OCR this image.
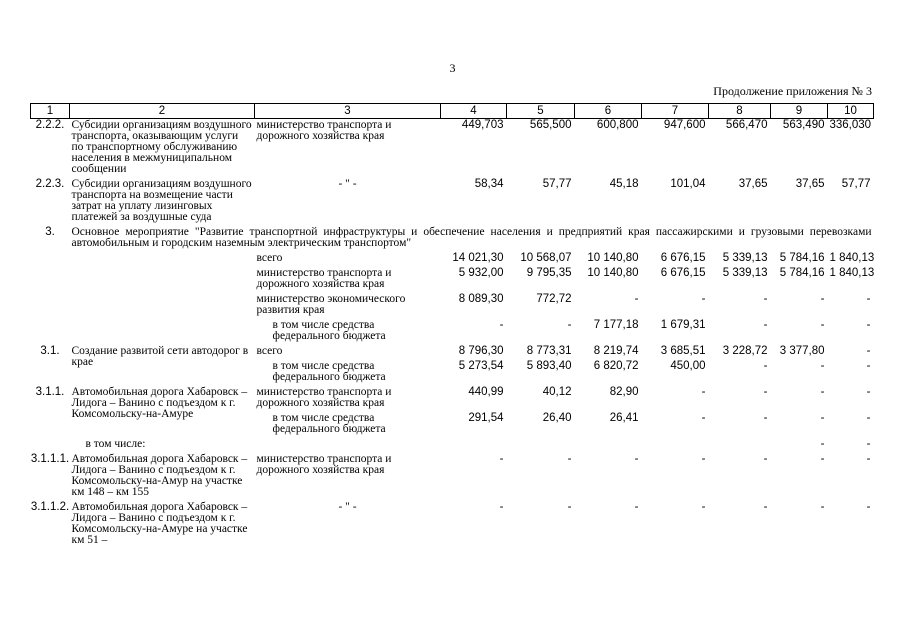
3
Продолжение приложения № 3
1	2	3	4	5	6	7	8	9	10
2.2.2.	Субсидии организациям воздушного транспорта, оказывающим услуги по транспортному обслуживанию населения в межмуниципальном сообщении	министерство транспорта и дорожного хозяйства края	449,703	565,500	600,800	947,600	566,470	563,490	336,030
2.2.3.	Субсидии организациям воздушного транспорта на возмещение части затрат на уплату лизинговых платежей за воздушные суда	- " -	58,34	57,77	45,18	101,04	37,65	37,65	57,77
3.	Основное мероприятие "Развитие транспортной инфраструктуры и обеспечение населения и предприятий края пассажирскими и грузовыми перевозками автомобильным и городским наземным электрическим транспортом"								
		всего	14 021,30	10 568,07	10 140,80	6 676,15	5 339,13	5 784,16	1 840,13
		министерство транспорта и дорожного хозяйства края	5 932,00	9 795,35	10 140,80	6 676,15	5 339,13	5 784,16	1 840,13
		министерство экономического развития края	8 089,30	772,72	-	-	-	-	-
		в том числе средства федерального бюджета	-	-	7 177,18	1 679,31	-	-	-
3.1.	Создание развитой сети автодорог в крае	всего	8 796,30	8 773,31	8 219,74	3 685,51	3 228,72	3 377,80	-
		в том числе средства федерального бюджета	5 273,54	5 893,40	6 820,72	450,00	-	-	-
3.1.1.	Автомобильная дорога Хабаровск – Лидога – Ванино с подъездом к г. Комсомольску-на-Амуре	министерство транспорта и дорожного хозяйства края	440,99	40,12	82,90	-	-	-	-
		в том числе средства федерального бюджета	291,54	26,40	26,41	-	-	-	-
	в том числе:							-	-
3.1.1.1.	Автомобильная дорога Хабаровск – Лидога – Ванино с подъездом к г. Комсомольску-на-Амур на участке км 148 – км 155	министерство транспорта и дорожного хозяйства края	-	-	-	-	-	-	-
3.1.1.2.	Автомобильная дорога Хабаровск – Лидога – Ванино с подъездом к г. Комсомольску-на-Амуре на участке км 51 –	- " -	-	-	-	-	-	-	-
